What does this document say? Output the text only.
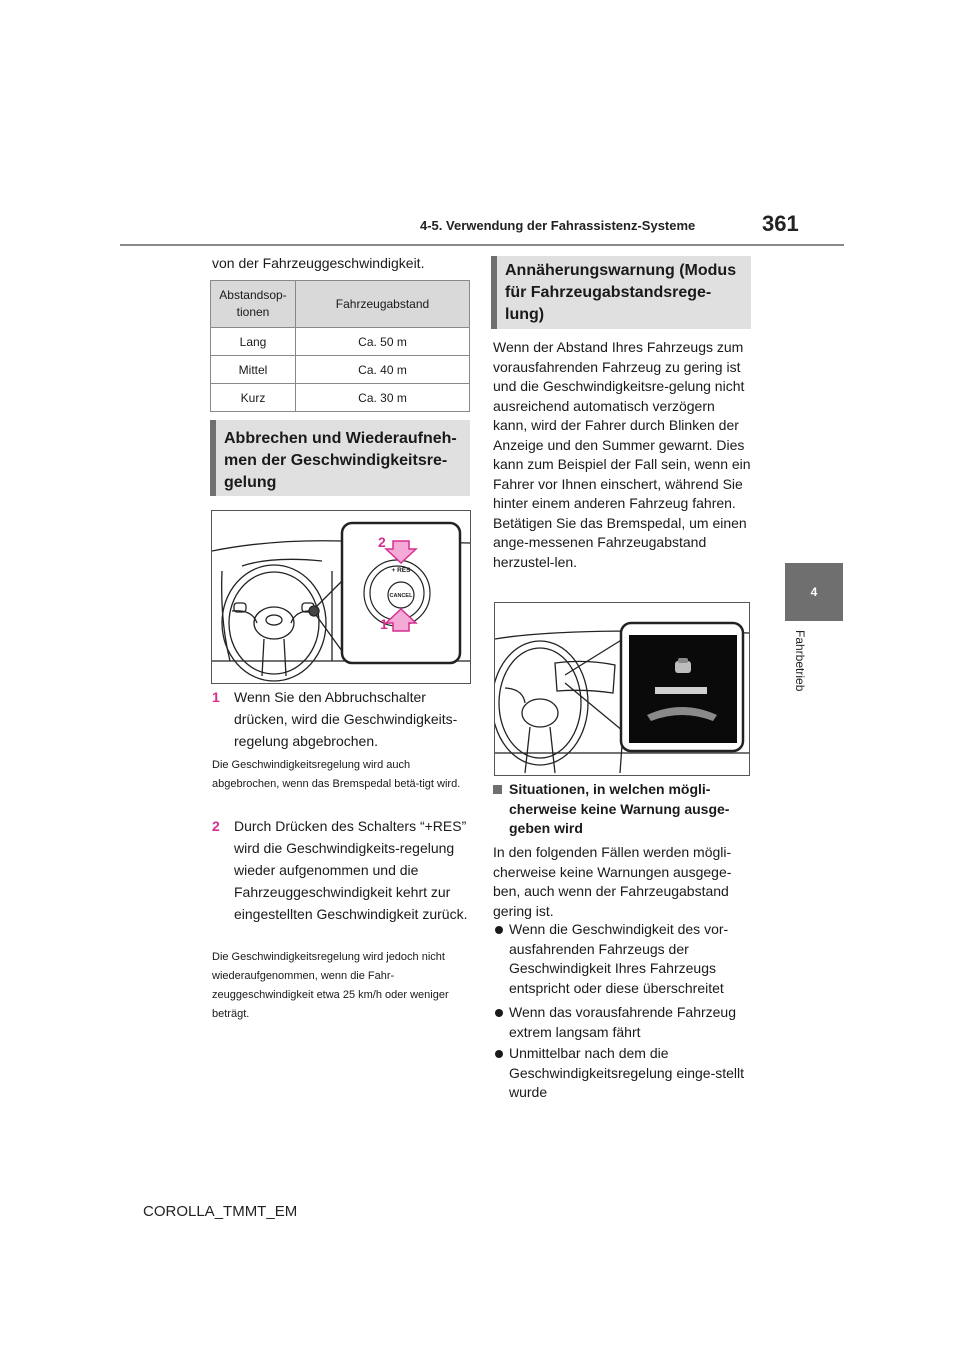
4-5. Verwendung der Fahrassistenz-Systeme	361
4
Fahrbetrieb
von der Fahrzeuggeschwindigkeit.
Abstandsop-
tionen	Fahrzeugabstand
Lang	Ca. 50 m
Mittel	Ca. 40 m
Kurz	Ca. 30 m
Abbrechen und Wiederaufneh-
men der Geschwindigkeitsre-
gelung
+ RES
CANCEL
2
1
1 Wenn Sie den Abbruchschalter drücken, wird die Geschwindigkeits-regelung abgebrochen.
Die Geschwindigkeitsregelung wird auch abgebrochen, wenn das Bremspedal betä-tigt wird.
2 Durch Drücken des Schalters “+RES” wird die Geschwindigkeits-regelung wieder aufgenommen und die Fahrzeuggeschwindigkeit kehrt zur eingestellten Geschwindigkeit zurück.
Die Geschwindigkeitsregelung wird jedoch nicht wiederaufgenommen, wenn die Fahr-zeuggeschwindigkeit etwa 25 km/h oder weniger beträgt.
Annäherungswarnung (Modus
für Fahrzeugabstandsrege-
lung)
Wenn der Abstand Ihres Fahrzeugs zum vorausfahrenden Fahrzeug zu gering ist und die Geschwindigkeitsre-gelung nicht ausreichend automatisch verzögern kann, wird der Fahrer durch Blinken der Anzeige und den Summer gewarnt. Dies kann zum Beispiel der Fall sein, wenn ein Fahrer vor Ihnen einschert, während Sie hinter einem anderen Fahrzeug fahren. Betätigen Sie das Bremspedal, um einen ange-messenen Fahrzeugabstand herzustel-len.
Situationen, in welchen mögli-cherweise keine Warnung ausge-geben wird
In den folgenden Fällen werden mögli-cherweise keine Warnungen ausgege-ben, auch wenn der Fahrzeugabstand gering ist.
Wenn die Geschwindigkeit des vor-ausfahrenden Fahrzeugs der Geschwindigkeit Ihres Fahrzeugs entspricht oder diese überschreitet
Wenn das vorausfahrende Fahrzeug extrem langsam fährt
Unmittelbar nach dem die Geschwindigkeitsregelung einge-stellt wurde
COROLLA_TMMT_EM
